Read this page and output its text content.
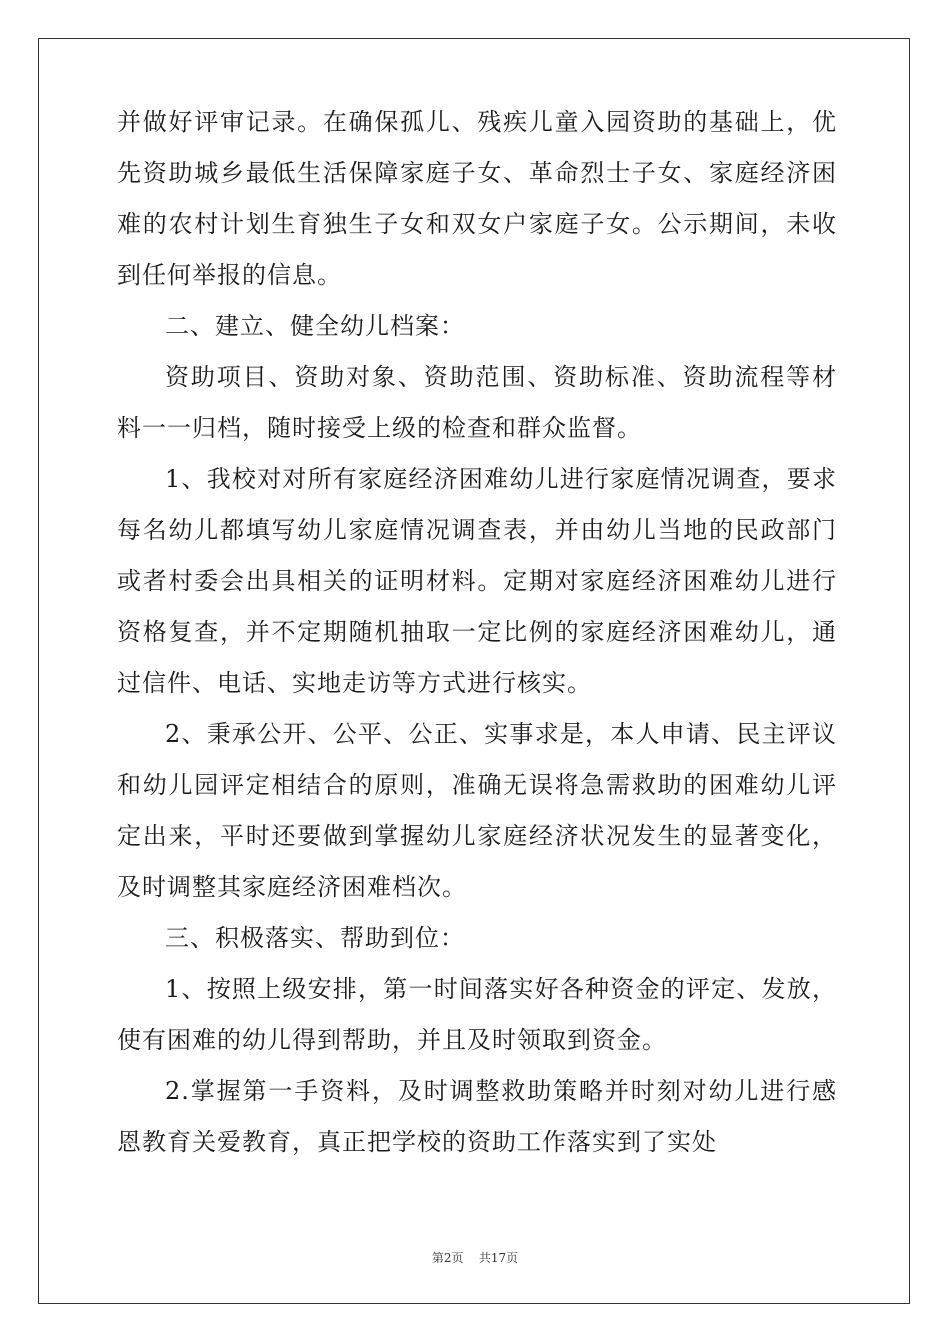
并做好评审记录。在确保孤儿、残疾儿童入园资助的基础上，优先资助城乡最低生活保障家庭子女、革命烈士子女、家庭经济困难的农村计划生育独生子女和双女户家庭子女。公示期间，未收到任何举报的信息。

二、建立、健全幼儿档案：

资助项目、资助对象、资助范围、资助标准、资助流程等材料一一归档，随时接受上级的检查和群众监督。

1、我校对对所有家庭经济困难幼儿进行家庭情况调查，要求每名幼儿都填写幼儿家庭情况调查表，并由幼儿当地的民政部门或者村委会出具相关的证明材料。定期对家庭经济困难幼儿进行资格复查，并不定期随机抽取一定比例的家庭经济困难幼儿，通过信件、电话、实地走访等方式进行核实。

2、秉承公开、公平、公正、实事求是，本人申请、民主评议和幼儿园评定相结合的原则，准确无误将急需救助的困难幼儿评定出来，平时还要做到掌握幼儿家庭经济状况发生的显著变化，及时调整其家庭经济困难档次。

三、积极落实、帮助到位：

1、按照上级安排，第一时间落实好各种资金的评定、发放，使有困难的幼儿得到帮助，并且及时领取到资金。

2.掌握第一手资料，及时调整救助策略并时刻对幼儿进行感恩教育关爱教育，真正把学校的资助工作落实到了实处

第2页 共17页
